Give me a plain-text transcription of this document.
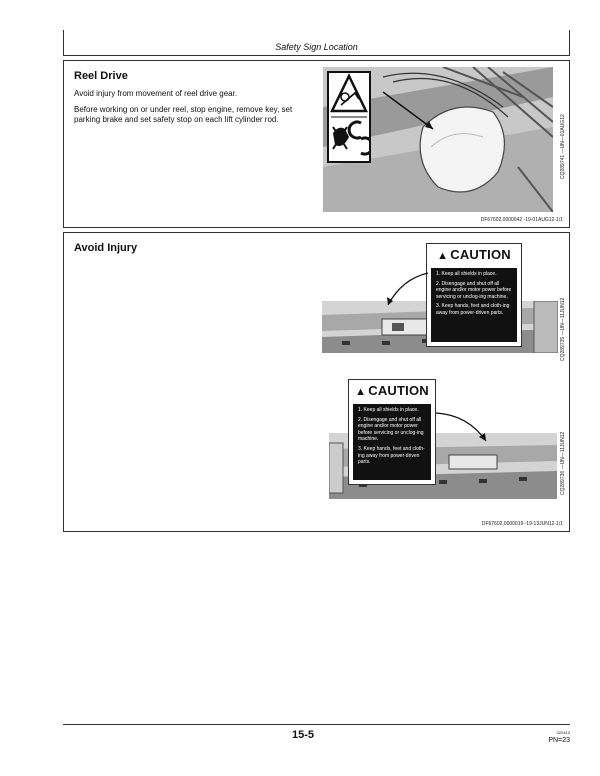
Safety Sign Location
Reel Drive
Avoid injury from movement of reel drive gear.
Before working on or under reel, stop engine, remove key, set parking brake and set safety stop on each lift cylinder rod.	CQ289741 —UN—01AUG12
DF67602,0000042 -19-01AUG12-1/1
Avoid Injury
▲ CAUTION

1. Keep all shields in place.

2. Disengage and shut off all engine and/or motor power before servicing or unclog-ing machine.

3. Keep hands, feet and cloth-ing away from power-driven parts.	CQ289735 —UN—11JUN12
▲ CAUTION

1. Keep all shields in place.

2. Disengage and shut off all engine and/or motor power before servicing or unclog-ing machine.

3. Keep hands, feet and cloth-ing away from power-driven parts.	CQ289736 —UN—11JUN12
DF67602,0000019 -19-13JUN12-1/1
15-5	022413
PN=23
